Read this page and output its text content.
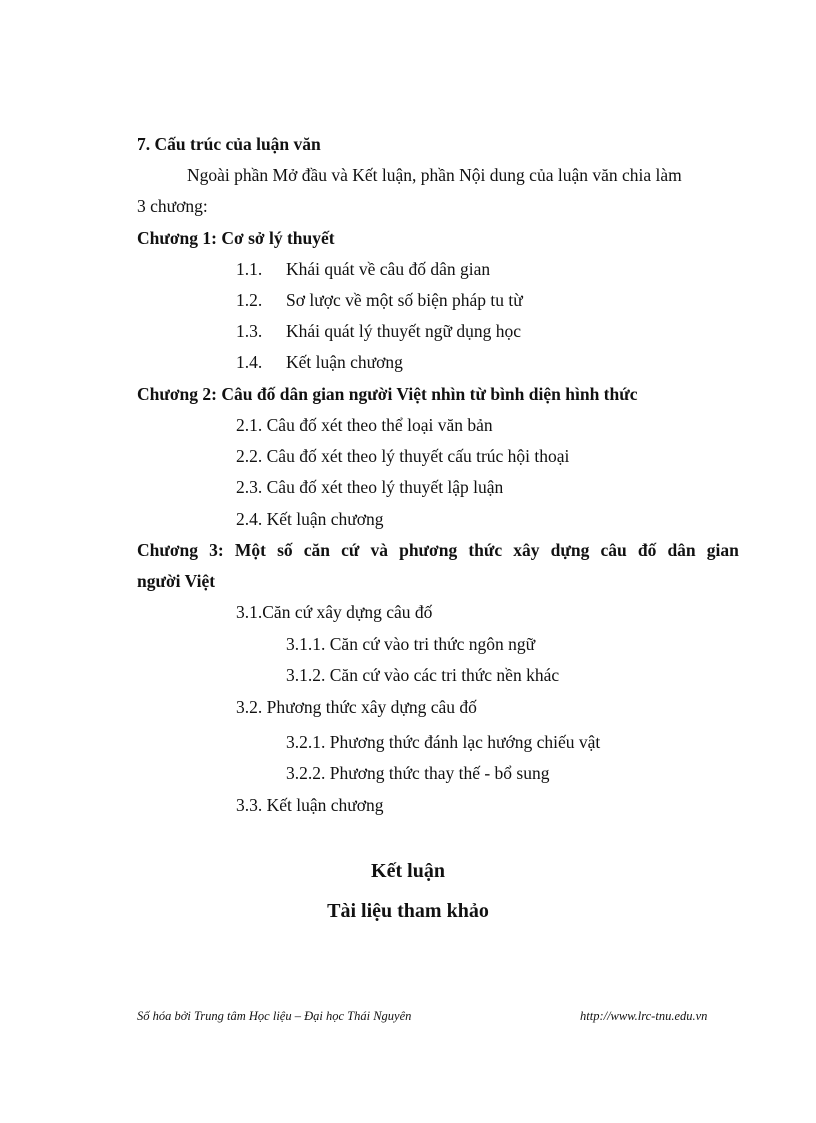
7. Cấu trúc của luận văn
Ngoài phần Mở đầu và Kết luận, phần Nội dung của luận văn chia làm
3 chương:
Chương 1: Cơ sở lý thuyết
1.1. Khái quát về câu đố dân gian
1.2. Sơ lược về một số biện pháp tu từ
1.3. Khái quát lý thuyết ngữ dụng học
1.4. Kết luận chương
Chương 2: Câu đố dân gian người Việt nhìn từ bình diện hình thức
2.1. Câu đố xét theo thể loại văn bản
2.2. Câu đố xét theo lý thuyết cấu trúc hội thoại
2.3. Câu đố xét theo lý thuyết lập luận
2.4. Kết luận chương
Chương 3: Một số căn cứ và phương thức xây dựng câu đố dân gian
người Việt
3.1.Căn cứ xây dựng câu đố
3.1.1. Căn cứ vào tri thức ngôn ngữ
3.1.2. Căn cứ vào các tri thức nền khác
3.2. Phương thức xây dựng câu đố
3.2.1. Phương thức đánh lạc hướng chiếu vật
3.2.2. Phương thức thay thế - bổ sung
3.3. Kết luận chương
Kết luận
Tài liệu tham khảo
Số hóa bởi Trung tâm Học liệu – Đại học Thái Nguyên	http://www.lrc-tnu.edu.vn
